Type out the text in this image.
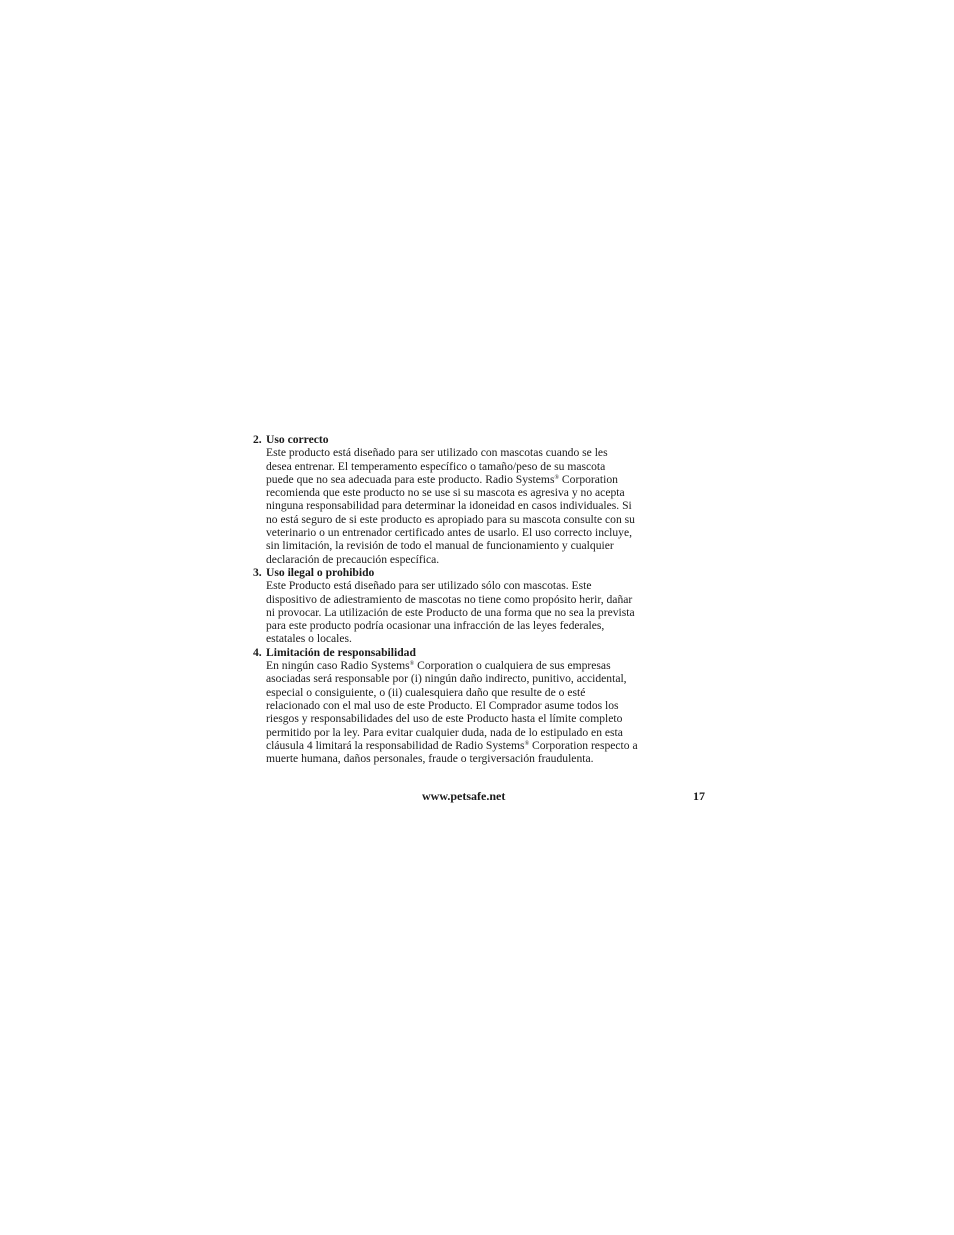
2. Uso correcto
Este producto está diseñado para ser utilizado con mascotas cuando se les
desea entrenar. El temperamento específico o tamaño/peso de su mascota
puede que no sea adecuada para este producto. Radio Systems® Corporation
recomienda que este producto no se use si su mascota es agresiva y no acepta
ninguna responsabilidad para determinar la idoneidad en casos individuales. Si
no está seguro de si este producto es apropiado para su mascota consulte con su
veterinario o un entrenador certificado antes de usarlo. El uso correcto incluye,
sin limitación, la revisión de todo el manual de funcionamiento y cualquier
declaración de precaución específica.
3. Uso ilegal o prohibido
Este Producto está diseñado para ser utilizado sólo con mascotas. Este
dispositivo de adiestramiento de mascotas no tiene como propósito herir, dañar
ni provocar. La utilización de este Producto de una forma que no sea la prevista
para este producto podría ocasionar una infracción de las leyes federales,
estatales o locales.
4. Limitación de responsabilidad
En ningún caso Radio Systems® Corporation o cualquiera de sus empresas
asociadas será responsable por (i) ningún daño indirecto, punitivo, accidental,
especial o consiguiente, o (ii) cualesquiera daño que resulte de o esté
relacionado con el mal uso de este Producto. El Comprador asume todos los
riesgos y responsabilidades del uso de este Producto hasta el límite completo
permitido por la ley. Para evitar cualquier duda, nada de lo estipulado en esta
cláusula 4 limitará la responsabilidad de Radio Systems® Corporation respecto a
muerte humana, daños personales, fraude o tergiversación fraudulenta.
www.petsafe.net	17
